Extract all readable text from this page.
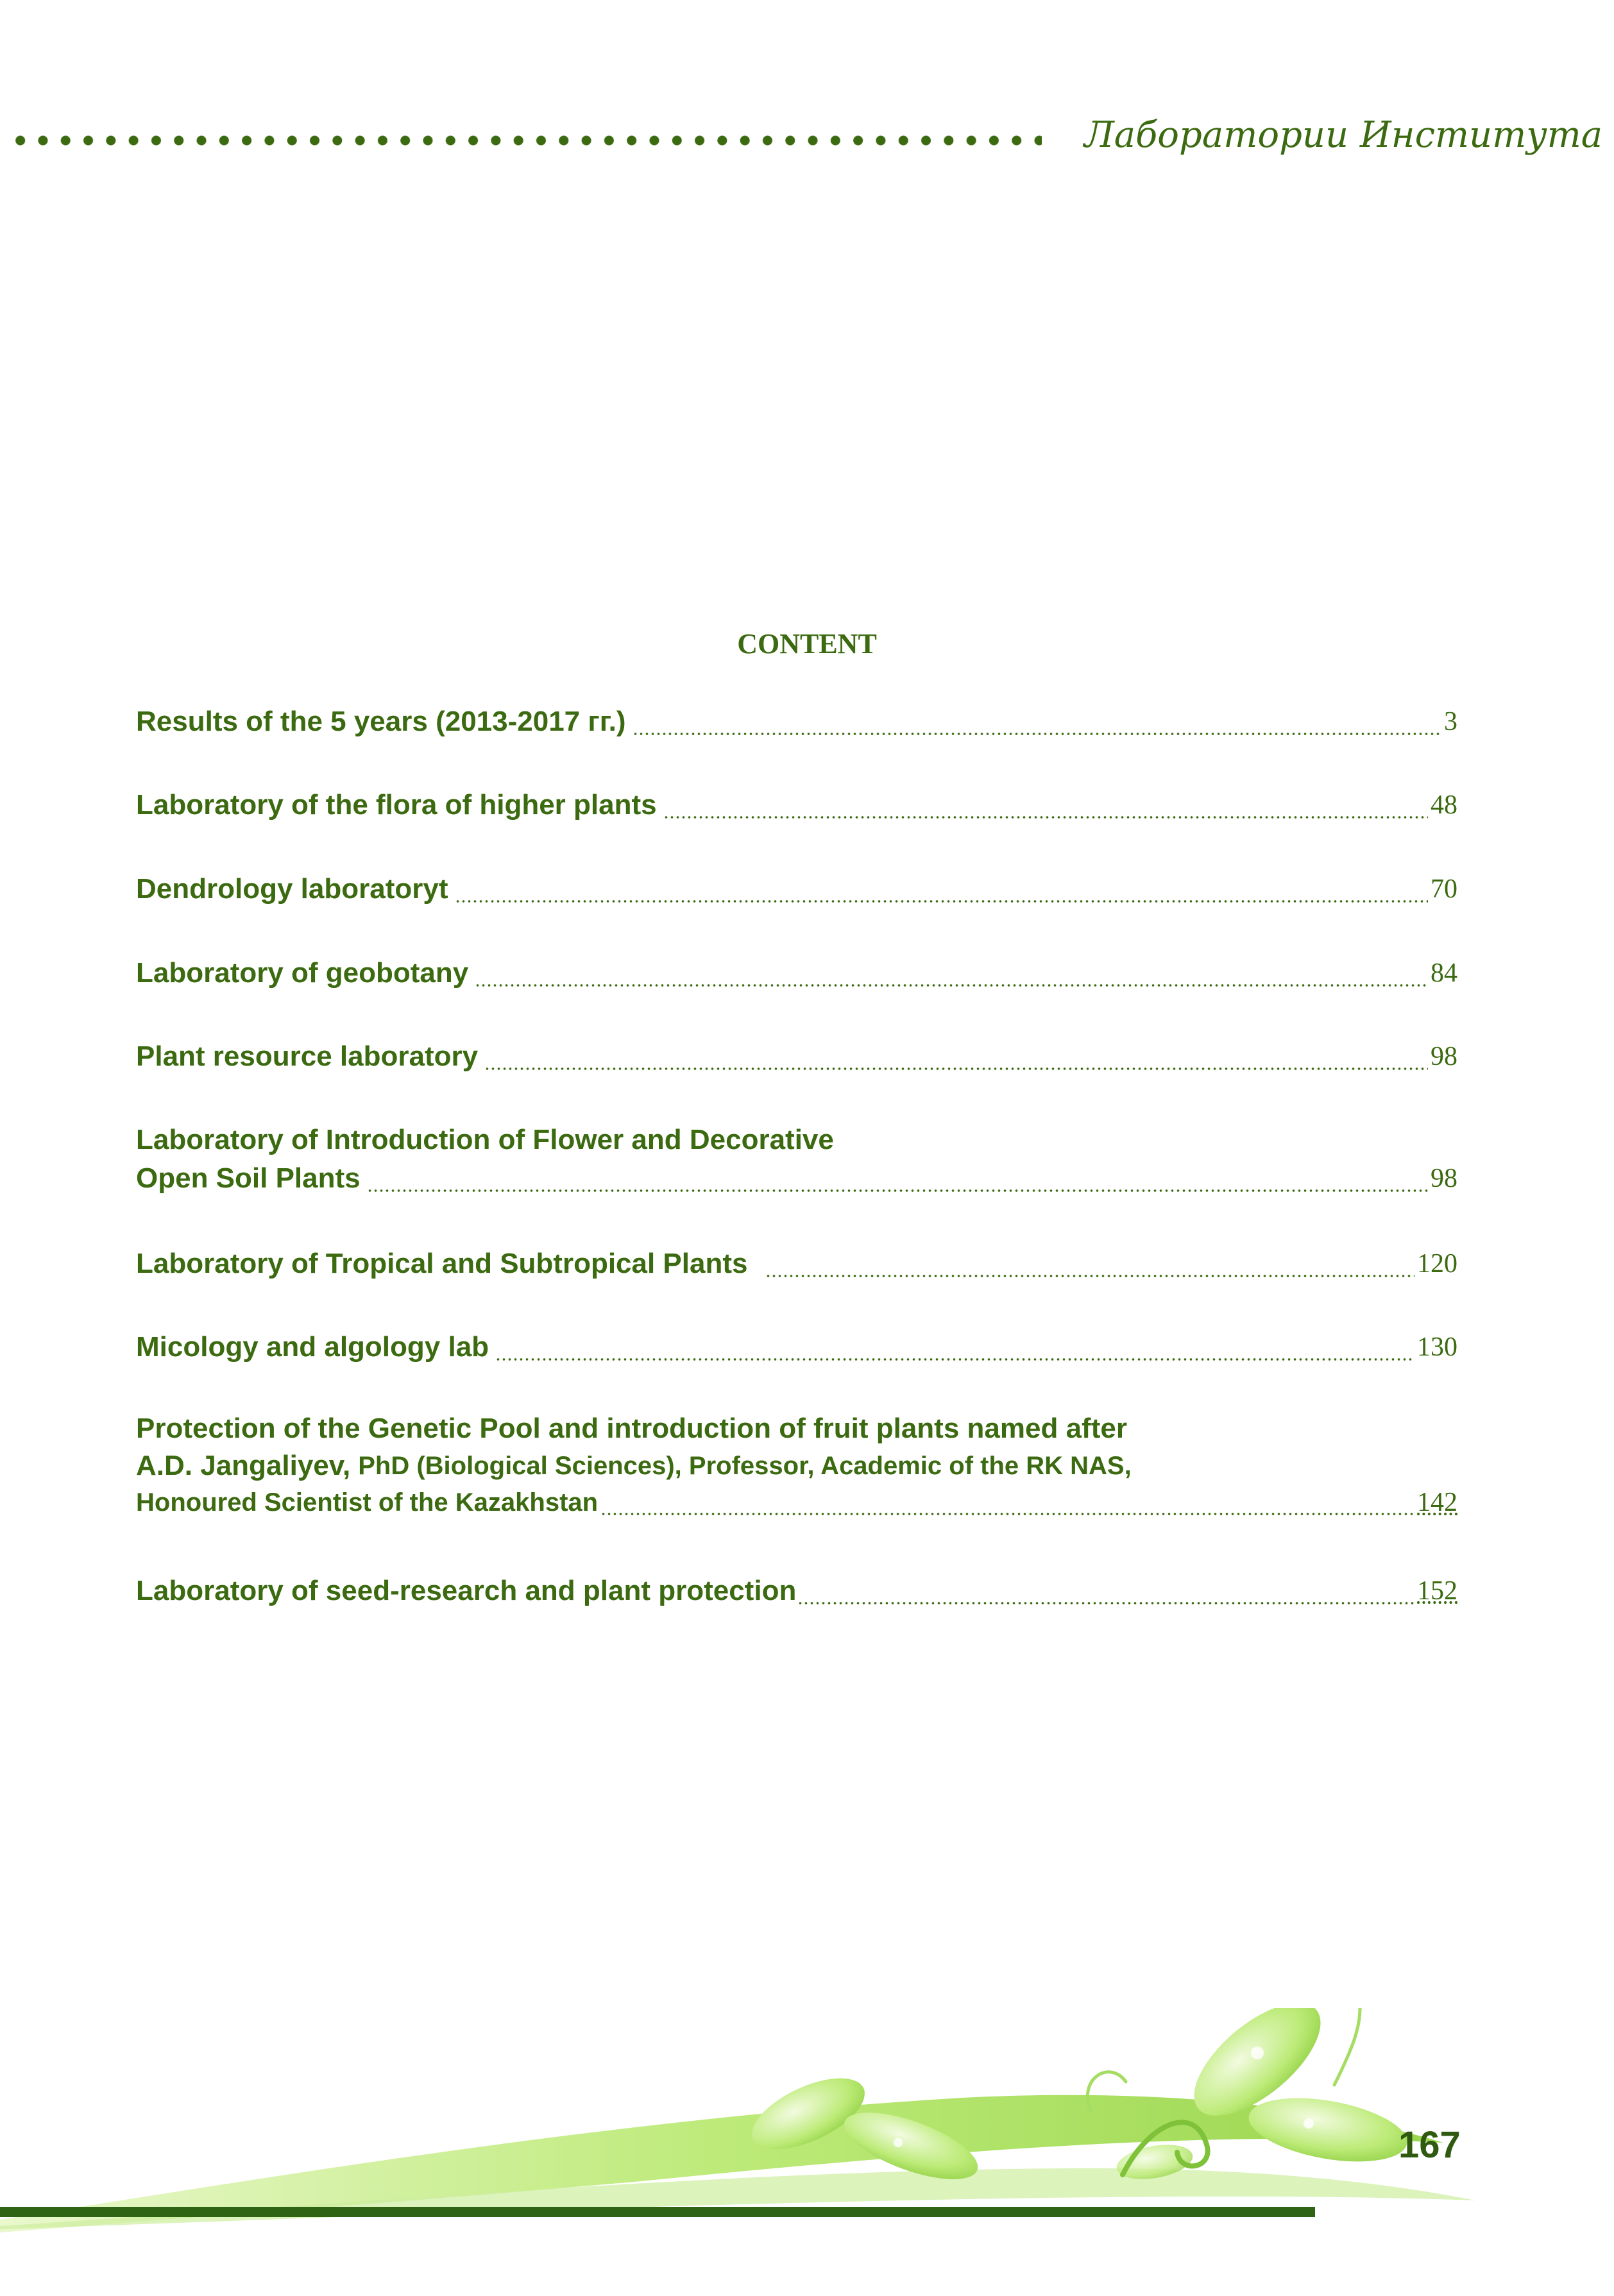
Лаборатории Института
CONTENT
Results of the 5 years (2013-2017 гг.)	3
Laboratory of the flora of higher plants	48
Dendrology laboratoryt	70
Laboratory of geobotany	84
Plant resource laboratory	98
Laboratory of Introduction of Flower and Decorative
Open Soil Plants	98
Laboratory of Tropical and Subtropical Plants	120
Micology and algology lab	130
Protection of the Genetic Pool and introduction of fruit plants named after
A.D. Jangaliyev, PhD (Biological Sciences), Professor, Academic of the RK NAS,
Honoured Scientist of the Kazakhstan	142
Laboratory of seed-research and plant protection	152
167
